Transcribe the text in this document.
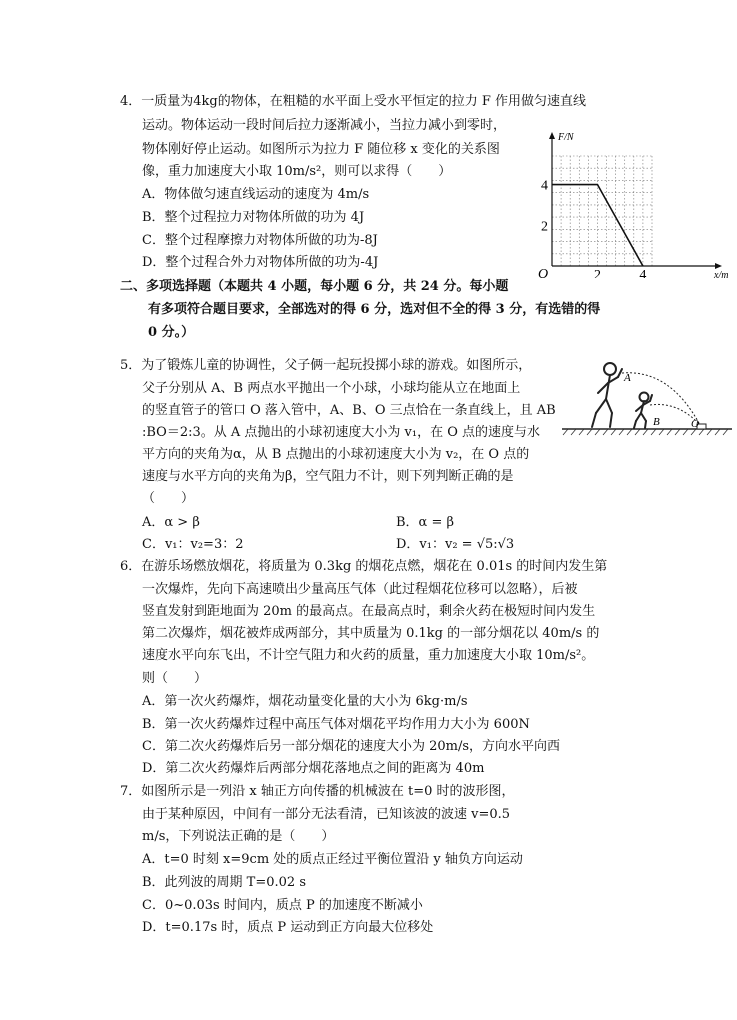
4．一质量为4kg的物体，在粗糙的水平面上受水平恒定的拉力 F 作用做匀速直线
运动。物体运动一段时间后拉力逐渐减小，当拉力减小到零时，
物体刚好停止运动。如图所示为拉力 F 随位移 x 变化的关系图
像，重力加速度大小取 10m/s²，则可以求得（　　）
A．物体做匀速直线运动的速度为 4m/s
B．整个过程拉力对物体所做的功为 4J
C．整个过程摩擦力对物体所做的功为-8J
D．整个过程合外力对物体所做的功为-4J
F/N
x/m
O	2	4
2
4
二、多项选择题（本题共 4 小题，每小题 6 分，共 24 分。每小题
有多项符合题目要求，全部选对的得 6 分，选对但不全的得 3 分，有选错的得
0 分。）
5．为了锻炼儿童的协调性，父子俩一起玩投掷小球的游戏。如图所示，
父子分别从 A、B 两点水平抛出一个小球，小球均能从立在地面上
的竖直管子的管口 O 落入管中，A、B、O 三点恰在一条直线上，且 AB
:BO＝2:3。从 A 点抛出的小球初速度大小为 v₁，在 O 点的速度与水
平方向的夹角为α，从 B 点抛出的小球初速度大小为 v₂，在 O 点的
速度与水平方向的夹角为β，空气阻力不计，则下列判断正确的是
（　　）
A．α > β	B．α = β
C．v₁：v₂=3：2	D．v₁：v₂ = √5:√3
A
B	O
6．在游乐场燃放烟花，将质量为 0.3kg 的烟花点燃，烟花在 0.01s 的时间内发生第
一次爆炸，先向下高速喷出少量高压气体（此过程烟花位移可以忽略），后被
竖直发射到距地面为 20m 的最高点。在最高点时，剩余火药在极短时间内发生
第二次爆炸，烟花被炸成两部分，其中质量为 0.1kg 的一部分烟花以 40m/s 的
速度水平向东飞出，不计空气阻力和火药的质量，重力加速度大小取 10m/s²。
则（　　）
A．第一次火药爆炸，烟花动量变化量的大小为 6kg·m/s
B．第一次火药爆炸过程中高压气体对烟花平均作用力大小为 600N
C．第二次火药爆炸后另一部分烟花的速度大小为 20m/s，方向水平向西
D．第二次火药爆炸后两部分烟花落地点之间的距离为 40m
7．如图所示是一列沿 x 轴正方向传播的机械波在 t=0 时的波形图，
由于某种原因，中间有一部分无法看清，已知该波的波速 v=0.5
m/s，下列说法正确的是（　　）
A．t=0 时刻 x=9cm 处的质点正经过平衡位置沿 y 轴负方向运动
B．此列波的周期 T=0.02 s
C．0~0.03s 时间内，质点 P 的加速度不断减小
D．t=0.17s 时，质点 P 运动到正方向最大位移处
